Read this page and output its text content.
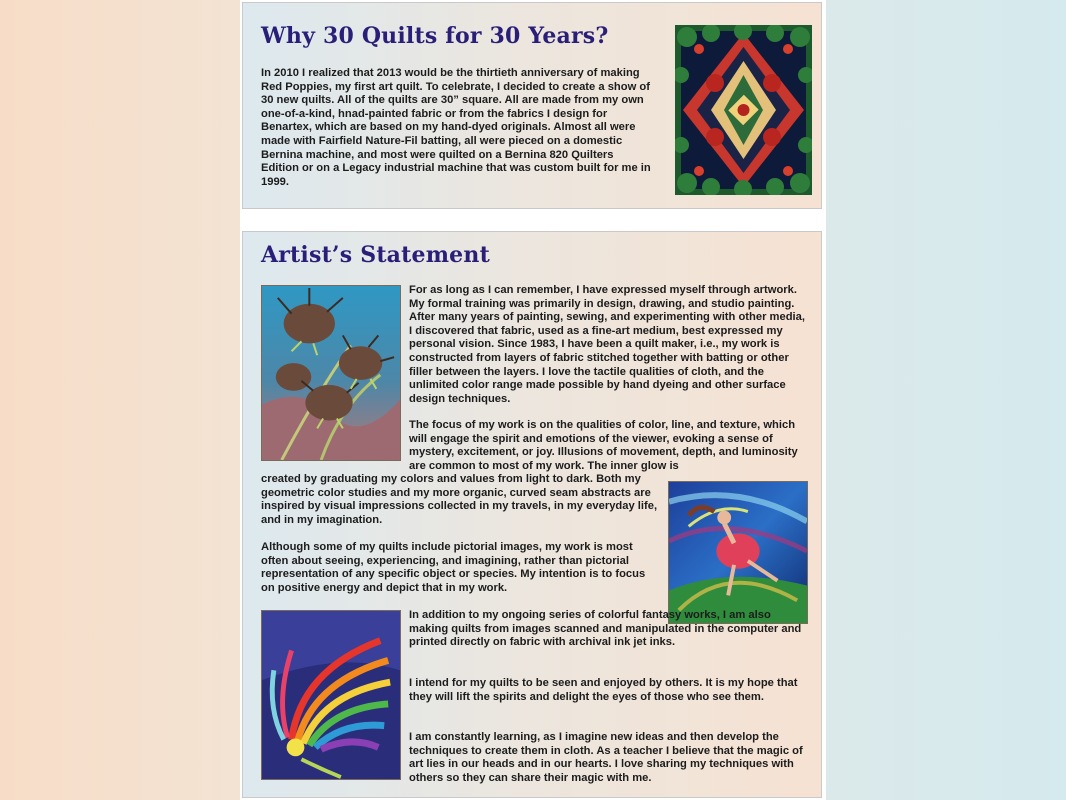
Why 30 Quilts for 30 Years?

In 2010 I realized that 2013 would be the thirtieth anniversary of making Red Poppies, my first art quilt. To celebrate, I decided to create a show of 30 new quilts. All of the quilts are 30” square. All are made from my own one-of-a-kind, hnad-painted fabric or from the fabrics I design for Benartex, which are based on my hand-dyed originals. Almost all were made with Fairfield Nature-Fil batting, all were pieced on a domestic Bernina machine, and most were quilted on a Bernina 820 Quilters Edition or on a Legacy industrial machine that was custom built for me in 1999.

Artist’s Statement

For as long as I can remember, I have expressed myself through artwork. My formal training was primarily in design, drawing, and studio painting. After many years of painting, sewing, and experimenting with other media, I discovered that fabric, used as a fine-art medium, best expressed my personal vision. Since 1983, I have been a quilt maker, i.e., my work is constructed from layers of fabric stitched together with batting or other filler between the layers. I love the tactile qualities of cloth, and the unlimited color range made possible by hand dyeing and other surface design techniques.

The focus of my work is on the qualities of color, line, and texture, which will engage the spirit and emotions of the viewer, evoking a sense of mystery, excitement, or joy. Illusions of movement, depth, and luminosity are common to most of my work. The inner glow is

created by graduating my colors and values from light to dark. Both my geometric color studies and my more organic, curved seam abstracts are inspired by visual impressions collected in my travels, in my everyday life, and in my imagination.

Although some of my quilts include pictorial images, my work is most often about seeing, experiencing, and imagining, rather than pictorial representation of any specific object or species. My intention is to focus on positive energy and depict that in my work.

In addition to my ongoing series of colorful fantasy works, I am also making quilts from images scanned and manipulated in the computer and printed directly on fabric with archival ink jet inks.

I intend for my quilts to be seen and enjoyed by others. It is my hope that they will lift the spirits and delight the eyes of those who see them.

I am constantly learning, as I imagine new ideas and then develop the techniques to create them in cloth. As a teacher I believe that the magic of art lies in our heads and in our hearts. I love sharing my techniques with others so they can share their magic with me.
